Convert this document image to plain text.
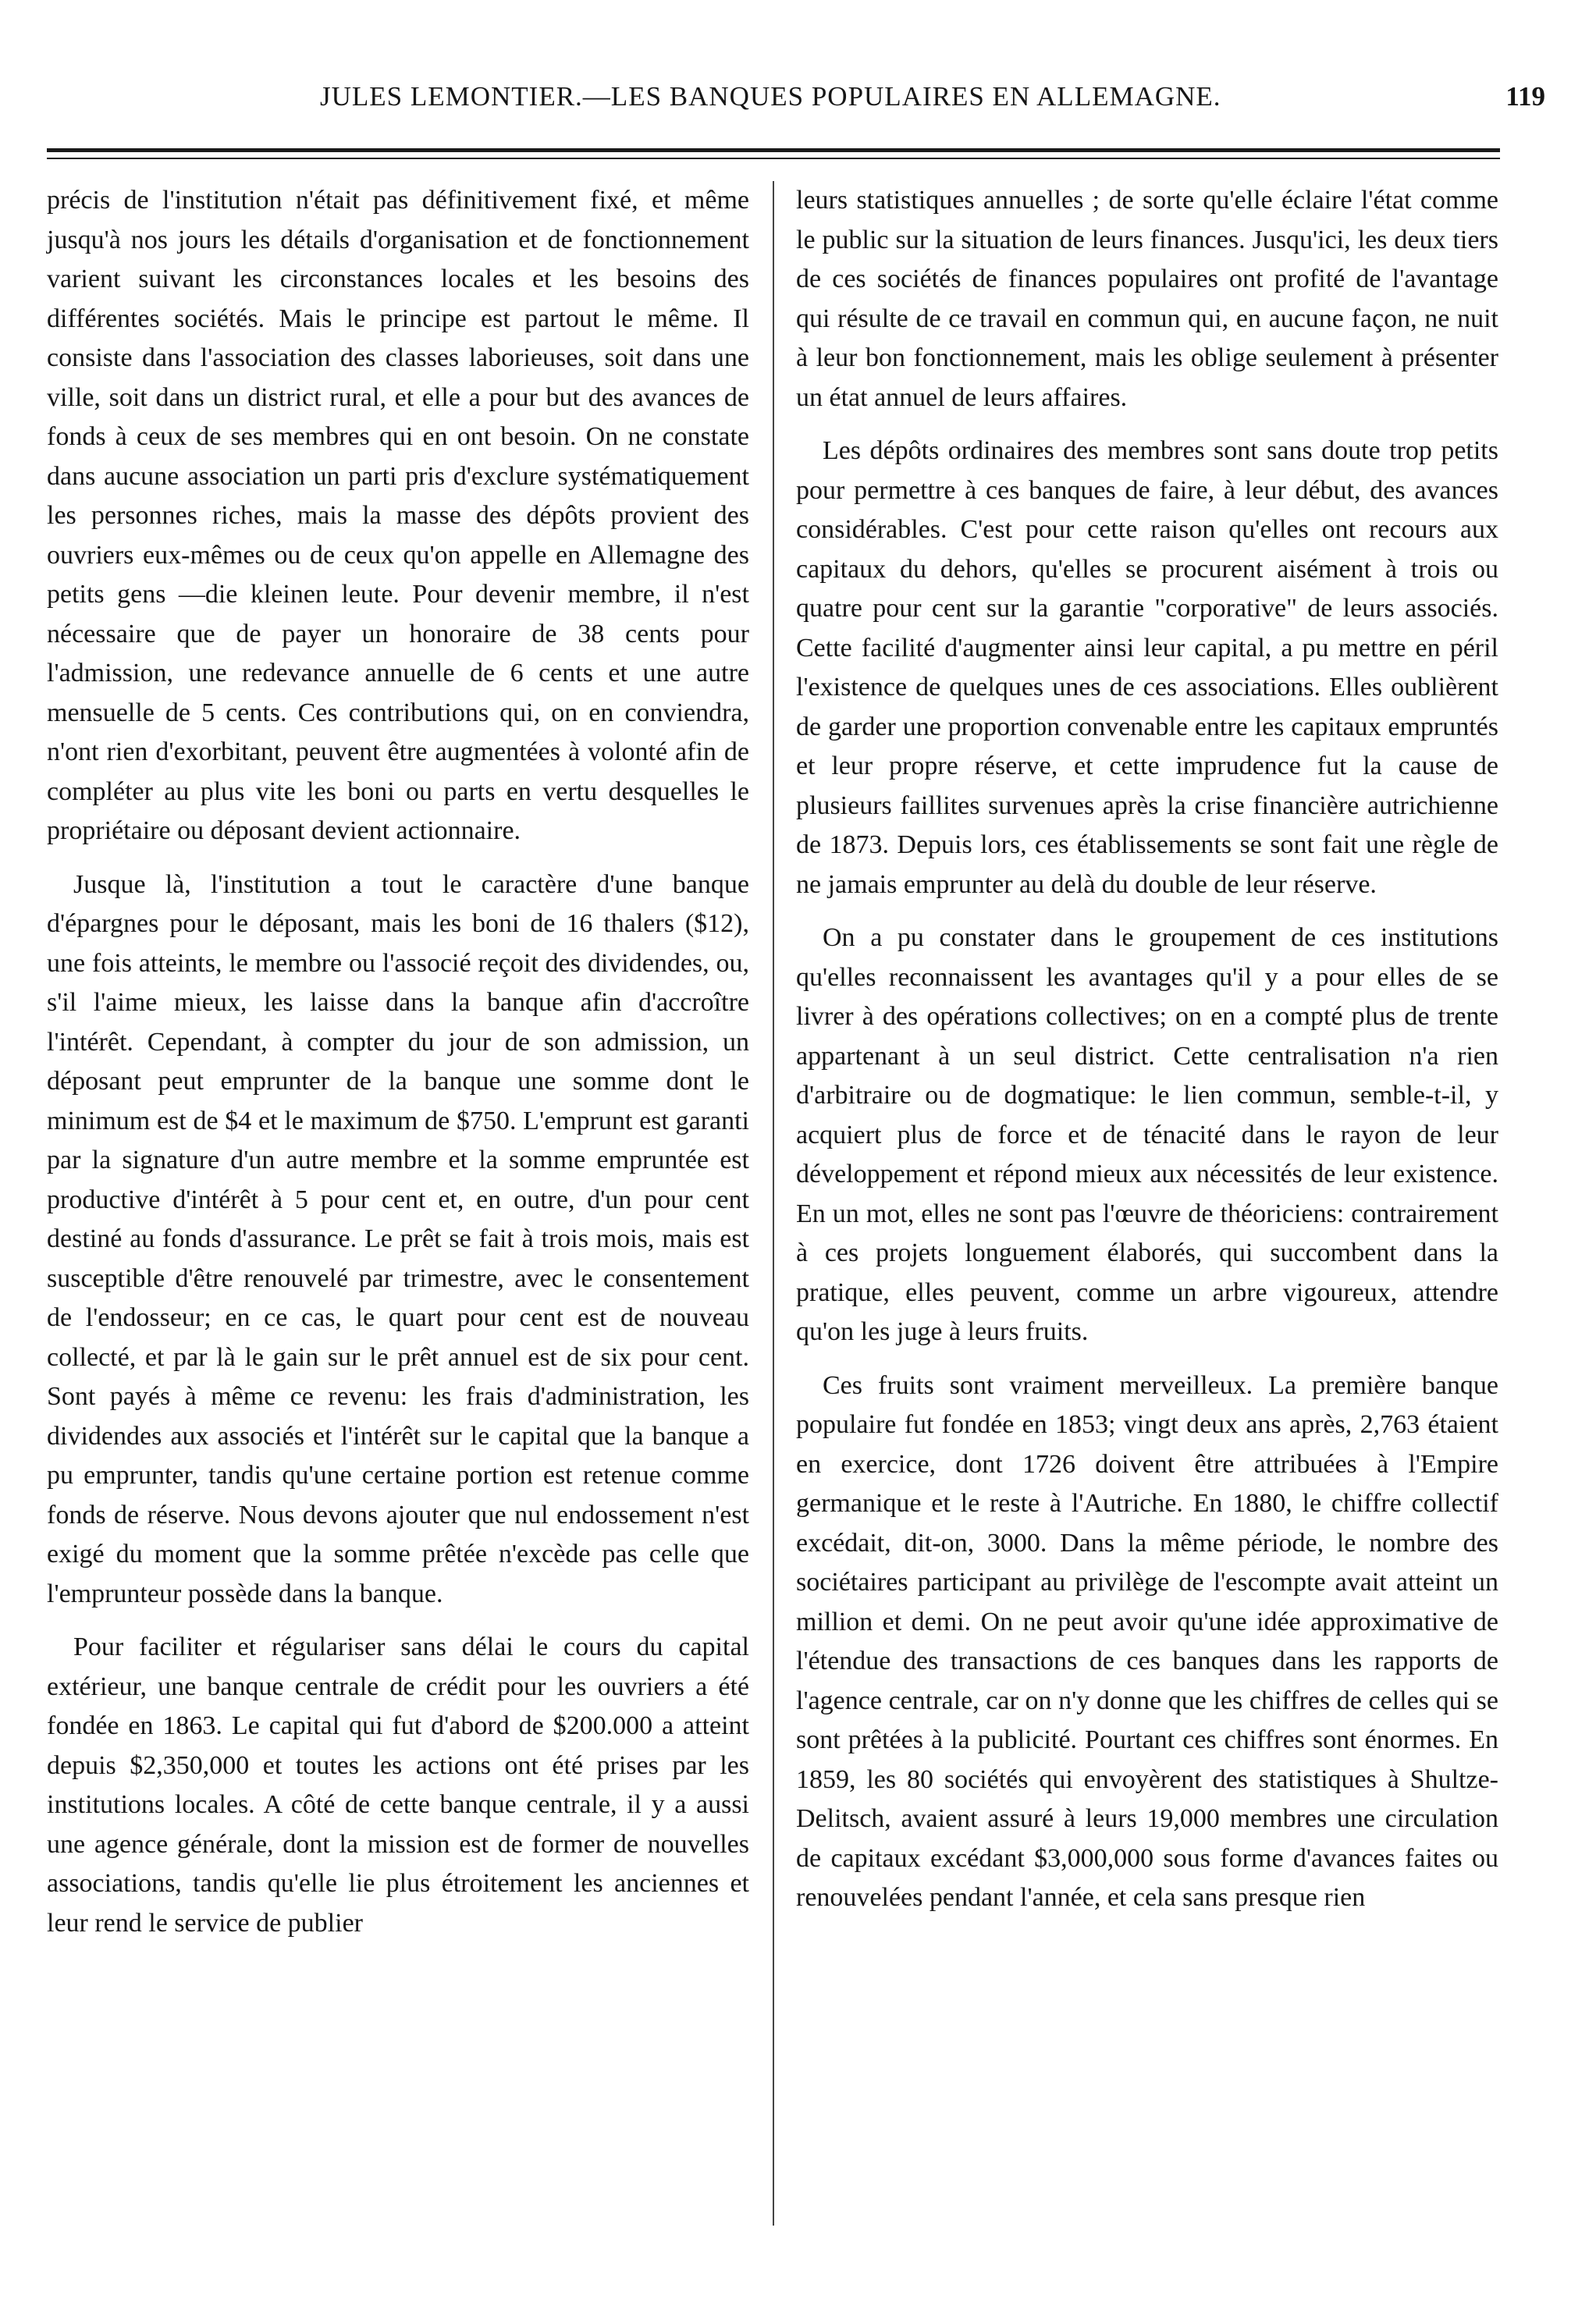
JULES LEMONTIER.—LES BANQUES POPULAIRES EN ALLEMAGNE.	119

précis de l'institution n'était pas définitivement fixé, et même jusqu'à nos jours les détails d'organisation et de fonctionnement varient suivant les circonstances locales et les besoins des différentes sociétés. Mais le principe est partout le même. Il consiste dans l'association des classes laborieuses, soit dans une ville, soit dans un district rural, et elle a pour but des avances de fonds à ceux de ses membres qui en ont besoin. On ne constate dans aucune association un parti pris d'exclure systématiquement les personnes riches, mais la masse des dépôts provient des ouvriers eux-mêmes ou de ceux qu'on appelle en Allemagne des petits gens —die kleinen leute. Pour devenir membre, il n'est nécessaire que de payer un honoraire de 38 cents pour l'admission, une redevance annuelle de 6 cents et une autre mensuelle de 5 cents. Ces contributions qui, on en conviendra, n'ont rien d'exorbitant, peuvent être augmentées à volonté afin de compléter au plus vite les boni ou parts en vertu desquelles le propriétaire ou déposant devient actionnaire.

Jusque là, l'institution a tout le caractère d'une banque d'épargnes pour le déposant, mais les boni de 16 thalers ($12), une fois atteints, le membre ou l'associé reçoit des dividendes, ou, s'il l'aime mieux, les laisse dans la banque afin d'accroître l'intérêt. Cependant, à compter du jour de son admission, un déposant peut emprunter de la banque une somme dont le minimum est de $4 et le maximum de $750. L'emprunt est garanti par la signature d'un autre membre et la somme empruntée est productive d'intérêt à 5 pour cent et, en outre, d'un pour cent destiné au fonds d'assurance. Le prêt se fait à trois mois, mais est susceptible d'être renouvelé par trimestre, avec le consentement de l'endosseur; en ce cas, le quart pour cent est de nouveau collecté, et par là le gain sur le prêt annuel est de six pour cent. Sont payés à même ce revenu: les frais d'administration, les dividendes aux associés et l'intérêt sur le capital que la banque a pu emprunter, tandis qu'une certaine portion est retenue comme fonds de réserve. Nous devons ajouter que nul endossement n'est exigé du moment que la somme prêtée n'excède pas celle que l'emprunteur possède dans la banque.

Pour faciliter et régulariser sans délai le cours du capital extérieur, une banque centrale de crédit pour les ouvriers a été fondée en 1863. Le capital qui fut d'abord de $200.000 a atteint depuis $2,350,000 et toutes les actions ont été prises par les institutions locales. A côté de cette banque centrale, il y a aussi une agence générale, dont la mission est de former de nouvelles associations, tandis qu'elle lie plus étroitement les anciennes et leur rend le service de publier

leurs statistiques annuelles ; de sorte qu'elle éclaire l'état comme le public sur la situation de leurs finances. Jusqu'ici, les deux tiers de ces sociétés de finances populaires ont profité de l'avantage qui résulte de ce travail en commun qui, en aucune façon, ne nuit à leur bon fonctionnement, mais les oblige seulement à présenter un état annuel de leurs affaires.

Les dépôts ordinaires des membres sont sans doute trop petits pour permettre à ces banques de faire, à leur début, des avances considérables. C'est pour cette raison qu'elles ont recours aux capitaux du dehors, qu'elles se procurent aisément à trois ou quatre pour cent sur la garantie "corporative" de leurs associés. Cette facilité d'augmenter ainsi leur capital, a pu mettre en péril l'existence de quelques unes de ces associations. Elles oublièrent de garder une proportion convenable entre les capitaux empruntés et leur propre réserve, et cette imprudence fut la cause de plusieurs faillites survenues après la crise financière autrichienne de 1873. Depuis lors, ces établissements se sont fait une règle de ne jamais emprunter au delà du double de leur réserve.

On a pu constater dans le groupement de ces institutions qu'elles reconnaissent les avantages qu'il y a pour elles de se livrer à des opérations collectives; on en a compté plus de trente appartenant à un seul district. Cette centralisation n'a rien d'arbitraire ou de dogmatique: le lien commun, semble-t-il, y acquiert plus de force et de ténacité dans le rayon de leur développement et répond mieux aux nécessités de leur existence. En un mot, elles ne sont pas l'œuvre de théoriciens: contrairement à ces projets longuement élaborés, qui succombent dans la pratique, elles peuvent, comme un arbre vigoureux, attendre qu'on les juge à leurs fruits.

Ces fruits sont vraiment merveilleux. La première banque populaire fut fondée en 1853; vingt deux ans après, 2,763 étaient en exercice, dont 1726 doivent être attribuées à l'Empire germanique et le reste à l'Autriche. En 1880, le chiffre collectif excédait, dit-on, 3000. Dans la même période, le nombre des sociétaires participant au privilège de l'escompte avait atteint un million et demi. On ne peut avoir qu'une idée approximative de l'étendue des transactions de ces banques dans les rapports de l'agence centrale, car on n'y donne que les chiffres de celles qui se sont prêtées à la publicité. Pourtant ces chiffres sont énormes. En 1859, les 80 sociétés qui envoyèrent des statistiques à Shultze-Delitsch, avaient assuré à leurs 19,000 membres une circulation de capitaux excédant $3,000,000 sous forme d'avances faites ou renouvelées pendant l'année, et cela sans presque rien
